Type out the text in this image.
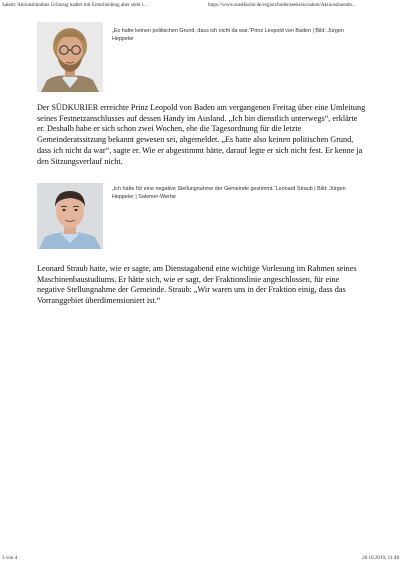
Salem: Aktionsbündnis Grünzug hadert mit Entscheidung aber sieht i...	https://www.suedkurier.de/region/bodenseekreis/salem/Aktionsbuendn...
„Es hatte keinen politischen Grund, dass ich nicht da war.“Prinz Leopold von Baden | Bild: Jürgen Heppeler

Der SÜDKURIER erreichte Prinz Leopold von Baden am vergangenen Freitag über eine Umleitung seines Festnetzanschlusses auf dessen Handy im Ausland. „Ich bin dienstlich unterwegs“, erklärte er. Deshalb habe er sich schon zwei Wochen, ehe die Tagesordnung für die letzte Gemeinderatssitzung bekannt gewesen sei, abgemeldet. „Es hatte also keinen politischen Grund, dass ich nicht da war“, sagte er. Wie er abgestimmt hätte, darauf legte er sich nicht fest. Er kenne ja den Sitzungsverlauf nicht.

„Ich hätte für eine negative Stellungnahme der Gemeinde gestimmt.“Leonard Straub | Bild: Jürgen Heppeler | Salemer-Werbe

Leonard Straub hatte, wie er sagte, am Dienstagabend eine wichtige Vorlesung im Rahmen seines Maschinenbaustudiums. Er hätte sich, wie er sagt, der Fraktionslinie angeschlossen, für eine negative Stellungnahme der Gemeinde. Straub: „Wir waren uns in der Fraktion einig, dass das Vorranggebiet überdimensioniert ist.“

3 von 4	28.10.2019, 11:48
